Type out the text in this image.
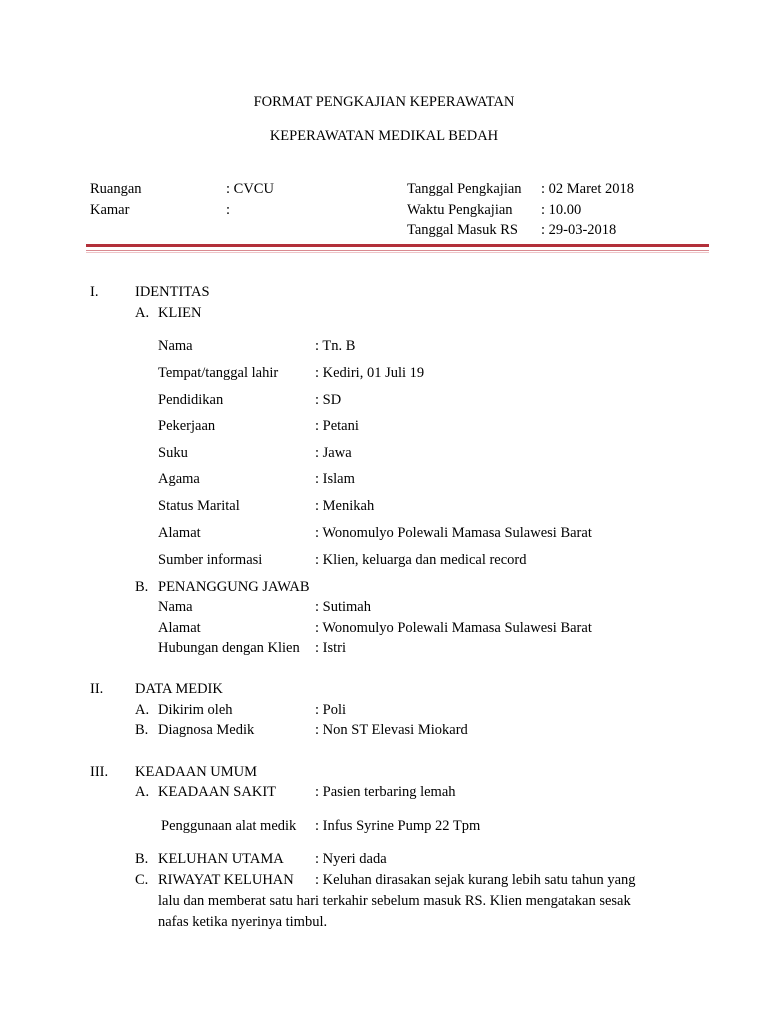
FORMAT PENGKAJIAN KEPERAWATAN
KEPERAWATAN MEDIKAL BEDAH
Ruangan	: CVCU
Kamar	:
Tanggal Pengkajian : 02 Maret 2018
Waktu Pengkajian : 10.00
Tanggal Masuk RS : 29-03-2018
I.	IDENTITAS
A. KLIEN
Nama	: Tn. B
Tempat/tanggal lahir	: Kediri, 01 Juli 19
Pendidikan	: SD
Pekerjaan	: Petani
Suku	: Jawa
Agama	: Islam
Status Marital	: Menikah
Alamat	: Wonomulyo Polewali Mamasa Sulawesi Barat
Sumber informasi	: Klien, keluarga dan medical record
B. PENANGGUNG JAWAB
Nama	: Sutimah
Alamat	: Wonomulyo Polewali Mamasa Sulawesi Barat
Hubungan dengan Klien : Istri
II. DATA MEDIK
A. Dikirim oleh	: Poli
B. Diagnosa Medik	: Non ST Elevasi Miokard
III. KEADAAN UMUM
A. KEADAAN SAKIT	: Pasien terbaring lemah
Penggunaan alat medik : Infus Syrine Pump 22 Tpm
B. KELUHAN UTAMA : Nyeri dada
C. RIWAYAT KELUHAN : Keluhan dirasakan sejak kurang lebih satu tahun yang
lalu dan memberat satu hari terkahir sebelum masuk RS. Klien mengatakan sesak
nafas ketika nyerinya timbul.
